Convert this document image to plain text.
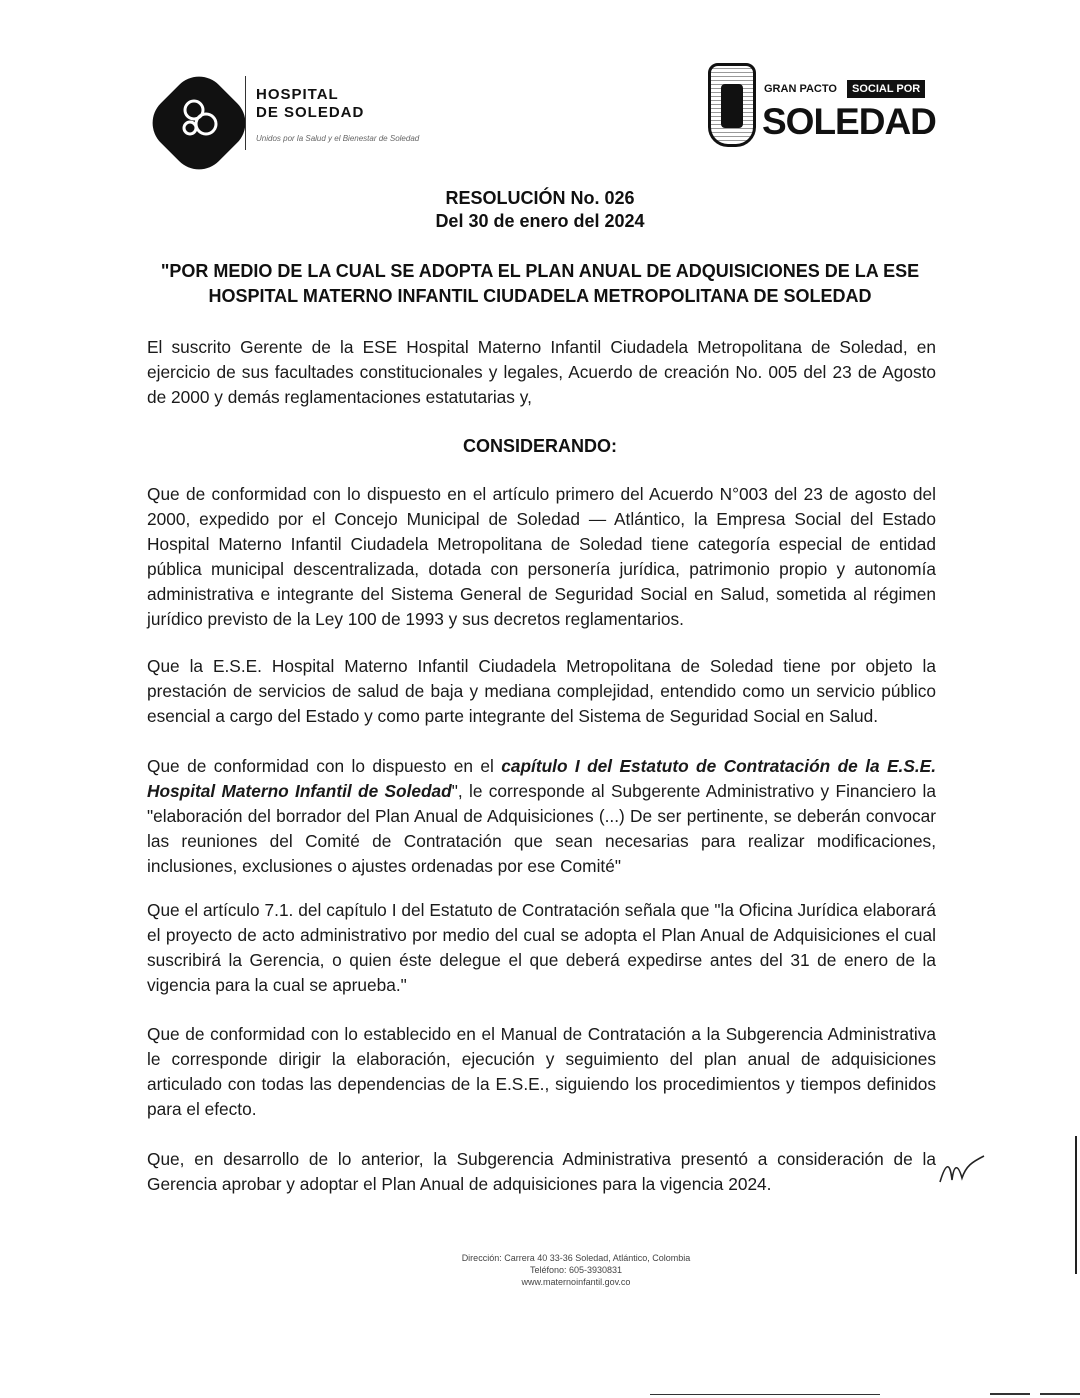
HOSPITAL
DE SOLEDAD
Unidos por la Salud y el Bienestar de Soledad
GRAN PACTO	SOCIAL POR
SOLEDAD
RESOLUCIÓN No. 026
Del 30 de enero del 2024
"POR MEDIO DE LA CUAL SE ADOPTA EL PLAN ANUAL DE ADQUISICIONES DE LA ESE
HOSPITAL MATERNO INFANTIL CIUDADELA METROPOLITANA DE SOLEDAD
El suscrito Gerente de la ESE Hospital Materno Infantil Ciudadela Metropolitana de Soledad, en ejercicio de sus facultades constitucionales y legales, Acuerdo de creación No. 005 del 23 de Agosto de 2000 y demás reglamentaciones estatutarias y,
CONSIDERANDO:
Que de conformidad con lo dispuesto en el artículo primero del Acuerdo N°003 del 23 de agosto del 2000, expedido por el Concejo Municipal de Soledad — Atlántico, la Empresa Social del Estado Hospital Materno Infantil Ciudadela Metropolitana de Soledad tiene categoría especial de entidad pública municipal descentralizada, dotada con personería jurídica, patrimonio propio y autonomía administrativa e integrante del Sistema General de Seguridad Social en Salud, sometida al régimen jurídico previsto de la Ley 100 de 1993 y sus decretos reglamentarios.
Que la E.S.E. Hospital Materno Infantil Ciudadela Metropolitana de Soledad tiene por objeto la prestación de servicios de salud de baja y mediana complejidad, entendido como un servicio público esencial a cargo del Estado y como parte integrante del Sistema de Seguridad Social en Salud.
Que de conformidad con lo dispuesto en el capítulo I del Estatuto de Contratación de la E.S.E. Hospital Materno Infantil de Soledad", le corresponde al Subgerente Administrativo y Financiero la "elaboración del borrador del Plan Anual de Adquisiciones (...) De ser pertinente, se deberán convocar las reuniones del Comité de Contratación que sean necesarias para realizar modificaciones, inclusiones, exclusiones o ajustes ordenadas por ese Comité"
Que el artículo 7.1. del capítulo I del Estatuto de Contratación señala que "la Oficina Jurídica elaborará el proyecto de acto administrativo por medio del cual se adopta el Plan Anual de Adquisiciones el cual suscribirá la Gerencia, o quien éste delegue el que deberá expedirse antes del 31 de enero de la vigencia para la cual se aprueba."
Que de conformidad con lo establecido en el Manual de Contratación a la Subgerencia Administrativa le corresponde dirigir la elaboración, ejecución y seguimiento del plan anual de adquisiciones articulado con todas las dependencias de la E.S.E., siguiendo los procedimientos y tiempos definidos para el efecto.
Que, en desarrollo de lo anterior, la Subgerencia Administrativa presentó a consideración de la Gerencia aprobar y adoptar el Plan Anual de adquisiciones para la vigencia 2024.
Dirección: Carrera 40 33-36 Soledad, Atlántico, Colombia
Teléfono: 605-3930831
www.maternoinfantil.gov.co
